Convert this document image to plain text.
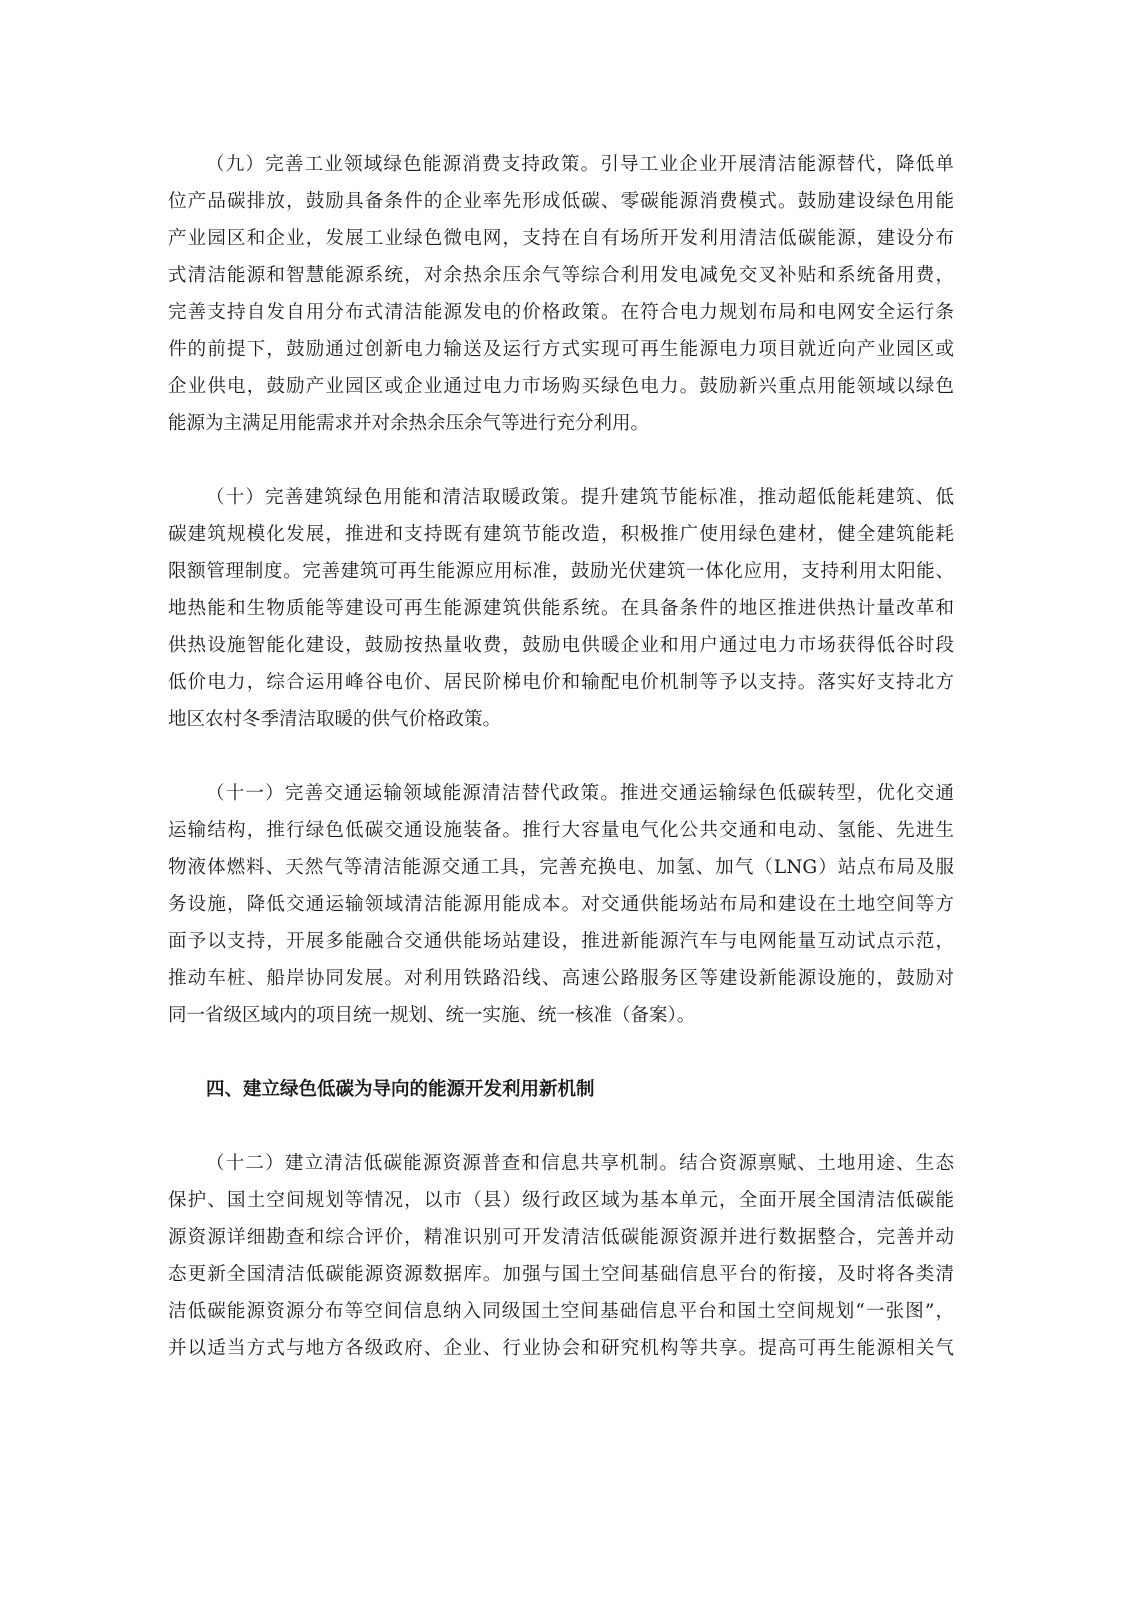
（九）完善工业领域绿色能源消费支持政策。引导工业企业开展清洁能源替代，降低单
位产品碳排放，鼓励具备条件的企业率先形成低碳、零碳能源消费模式。鼓励建设绿色用能
产业园区和企业，发展工业绿色微电网，支持在自有场所开发利用清洁低碳能源，建设分布
式清洁能源和智慧能源系统，对余热余压余气等综合利用发电减免交叉补贴和系统备用费，
完善支持自发自用分布式清洁能源发电的价格政策。在符合电力规划布局和电网安全运行条
件的前提下，鼓励通过创新电力输送及运行方式实现可再生能源电力项目就近向产业园区或
企业供电，鼓励产业园区或企业通过电力市场购买绿色电力。鼓励新兴重点用能领域以绿色
能源为主满足用能需求并对余热余压余气等进行充分利用。
（十）完善建筑绿色用能和清洁取暖政策。提升建筑节能标准，推动超低能耗建筑、低
碳建筑规模化发展，推进和支持既有建筑节能改造，积极推广使用绿色建材，健全建筑能耗
限额管理制度。完善建筑可再生能源应用标准，鼓励光伏建筑一体化应用，支持利用太阳能、
地热能和生物质能等建设可再生能源建筑供能系统。在具备条件的地区推进供热计量改革和
供热设施智能化建设，鼓励按热量收费，鼓励电供暖企业和用户通过电力市场获得低谷时段
低价电力，综合运用峰谷电价、居民阶梯电价和输配电价机制等予以支持。落实好支持北方
地区农村冬季清洁取暖的供气价格政策。
（十一）完善交通运输领域能源清洁替代政策。推进交通运输绿色低碳转型，优化交通
运输结构，推行绿色低碳交通设施装备。推行大容量电气化公共交通和电动、氢能、先进生
物液体燃料、天然气等清洁能源交通工具，完善充换电、加氢、加气（LNG）站点布局及服
务设施，降低交通运输领域清洁能源用能成本。对交通供能场站布局和建设在土地空间等方
面予以支持，开展多能融合交通供能场站建设，推进新能源汽车与电网能量互动试点示范，
推动车桩、船岸协同发展。对利用铁路沿线、高速公路服务区等建设新能源设施的，鼓励对
同一省级区域内的项目统一规划、统一实施、统一核准（备案）。
四、建立绿色低碳为导向的能源开发利用新机制
（十二）建立清洁低碳能源资源普查和信息共享机制。结合资源禀赋、土地用途、生态
保护、国土空间规划等情况，以市（县）级行政区域为基本单元，全面开展全国清洁低碳能
源资源详细勘查和综合评价，精准识别可开发清洁低碳能源资源并进行数据整合，完善并动
态更新全国清洁低碳能源资源数据库。加强与国土空间基础信息平台的衔接，及时将各类清
洁低碳能源资源分布等空间信息纳入同级国土空间基础信息平台和国土空间规划“一张图”，
并以适当方式与地方各级政府、企业、行业协会和研究机构等共享。提高可再生能源相关气
